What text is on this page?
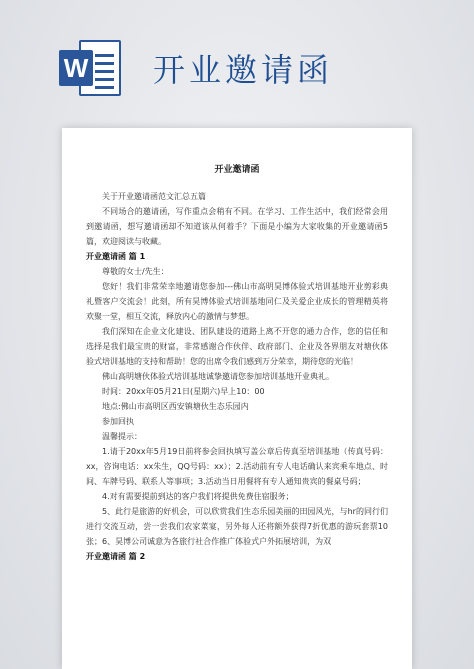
W 开业邀请函
开业邀请函
关于开业邀请函范文汇总五篇
不同场合的邀请函，写作重点会稍有不同。在学习、工作生活中，我们经常会用到邀请函，想写邀请函却不知道该从何着手？下面是小编为大家收集的开业邀请函5篇，欢迎阅读与收藏。
开业邀请函 篇 1
尊敬的女士/先生：
您好！我们非常荣幸地邀请您参加---佛山市高明昊博体验式培训基地开业剪彩典礼暨客户交流会！此刻，所有昊博体验式培训基地同仁及关爱企业成长的管理精英将欢聚一堂，相互交流，释放内心的激情与梦想。
我们深知在企业文化建设、团队建设的道路上离不开您的通力合作，您的信任和选择是我们最宝贵的财富，非常感谢合作伙伴、政府部门、企业及各界朋友对塘伙体验式培训基地的支持和帮助！您的出席令我们感到万分荣幸，期待您的光临！
佛山高明塘伙体验式培训基地诚挚邀请您参加培训基地开业典礼。
时间：20xx年05月21日(星期六)早上10：00
地点:佛山市高明区西安镇塘伙生态乐园内
参加回执
温馨提示：
1.请于20xx年5月19日前将参会回执填写盖公章后传真至培训基地（传真号码：xx，咨询电话：xx朱生，QQ号码：xx）；2.活动前有专人电话确认来宾乘车地点、时间、车牌号码、联系人等事项；3.活动当日用餐将有专人通知贵宾的餐桌号码；
4.对有需要提前到达的客户我们将提供免费住宿服务；
5、此行是旅游的好机会，可以欣赏我们生态乐园美丽的田园风光，与hr的同行们进行交流互动，尝一尝我们农家菜宴，另外每人还将额外获得7折优惠的游玩套票10张；6、昊博公司诚意为各旅行社合作推广体验式户外拓展培训，为双
开业邀请函 篇 2
